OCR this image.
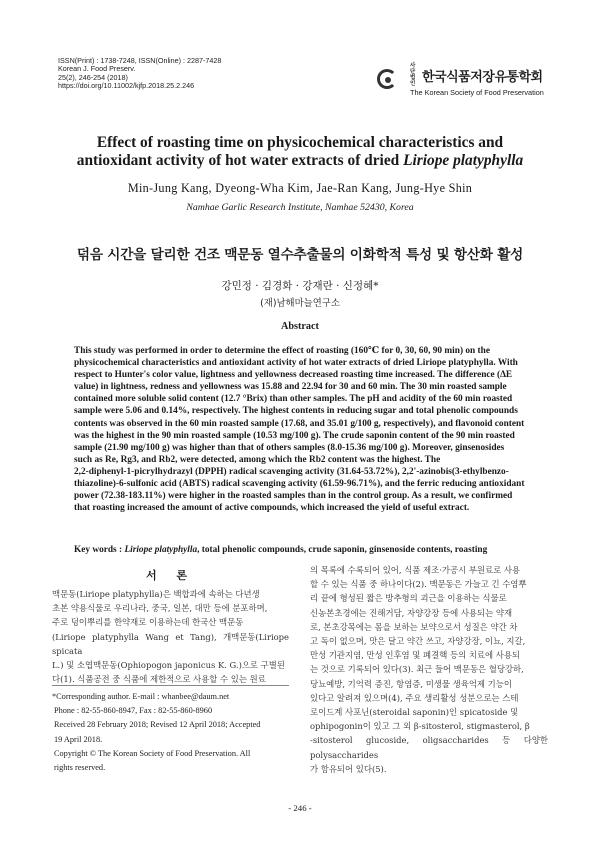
ISSN(Print) : 1738-7248, ISSN(Online) : 2287-7428
Korean J. Food Preserv.
25(2), 246-254 (2018)
https://doi.org/10.11002/kjfp.2018.25.2.246
사단 법인 한국식품저장유통학회
The Korean Society of Food Preservation
Effect of roasting time on physicochemical characteristics and
antioxidant activity of hot water extracts of dried Liriope platyphylla
Min-Jung Kang, Dyeong-Wha Kim, Jae-Ran Kang, Jung-Hye Shin
Namhae Garlic Research Institute, Namhae 52430, Korea
덖음 시간을 달리한 건조 맥문동 열수추출물의 이화학적 특성 및 항산화 활성
강민정 · 김경화 · 강재란 · 신정혜*
(재)남해마늘연구소
Abstract
This study was performed in order to determine the effect of roasting (160℃ for 0, 30, 60, 90 min) on the
physicochemical characteristics and antioxidant activity of hot water extracts of dried Liriope platyphylla. With
respect to Hunter's color value, lightness and yellowness decreased roasting time increased. The difference (ΔE
value) in lightness, redness and yellowness was 15.88 and 22.94 for 30 and 60 min. The 30 min roasted sample
contained more soluble solid content (12.7 °Brix) than other samples. The pH and acidity of the 60 min roasted
sample were 5.06 and 0.14%, respectively. The highest contents in reducing sugar and total phenolic compounds
contents was observed in the 60 min roasted sample (17.68, and 35.01 g/100 g, respectively), and flavonoid content
was the highest in the 90 min roasted sample (10.53 mg/100 g). The crude saponin content of the 90 min roasted
sample (21.90 mg/100 g) was higher than that of others samples (8.0-15.36 mg/100 g). Moreover, ginsenosides
such as Re, Rg3, and Rb2, were detected, among which the Rb2 content was the highest. The
2,2-diphenyl-1-picrylhydrazyl (DPPH) radical scavenging activity (31.64-53.72%), 2,2'-azinobis(3-ethylbenzo-
thiazoline)-6-sulfonic acid (ABTS) radical scavenging activity (61.59-96.71%), and the ferric reducing antioxidant
power (72.38-183.11%) were higher in the roasted samples than in the control group. As a result, we confirmed
that roasting increased the amount of active compounds, which increased the yield of useful extract.
Key words : Liriope platyphylla, total phenolic compounds, crude saponin, ginsenoside contents, roasting
서 론
맥문동(Liriope platyphylla)은 백합과에 속하는 다년생
초본 약용식물로 우리나라, 중국, 일본, 대만 등에 분포하며,
주로 덩이뿌리를 한약재로 이용하는데 한국산 맥문동
(Liriope platyphylla Wang et Tang), 개맥문동(Liriope spicata
L.) 및 소엽맥문동(Ophiopogon japonicus K. G.)으로 구별된
다(1). 식품공전 중 식품에 제한적으로 사용할 수 있는 원료
의 목록에 수록되어 있어, 식품 제조·가공시 부원료로 사용
할 수 있는 식품 중 하나이다(2). 맥문동은 가늘고 긴 수염뿌
리 끝에 형성된 짧은 방추형의 괴근을 이용하는 식물로
신농본초경에는 진해거담, 자양강장 등에 사용되는 약재
로, 본초강목에는 몸을 보하는 보약으로서 성질은 약간 차
고 독이 없으며, 맛은 달고 약간 쓰고, 자양강장, 이뇨, 지갈,
만성 기관지염, 만성 인후염 및 폐결핵 등의 치료에 사용되
는 것으로 기록되어 있다(3). 최근 들어 맥문동은 혈당강하,
당뇨예방, 기억력 증진, 항염증, 미생물 생육억제 기능이
있다고 알려져 있으며(4), 주요 생리활성 성분으로는 스테
로이드계 사포닌(steroidal saponin)인 spicatoside 및
ophipogonin이 있고 그 외 β-sitosterol, stigmasterol, β
-sitosterol glucoside, oligsaccharides 등 다양한 polysaccharides
가 함유되어 있다(5).
*Corresponding author. E-mail : whanbee@daum.net
Phone : 82-55-860-8947, Fax : 82-55-860-8960
Received 28 February 2018; Revised 12 April 2018; Accepted
19 April 2018.
Copyright © The Korean Society of Food Preservation. All
rights reserved.
- 246 -
